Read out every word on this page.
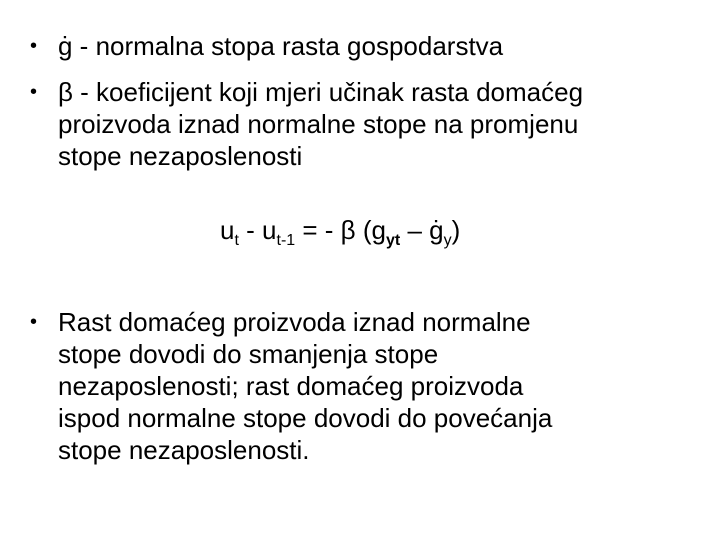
• ġ - normalna stopa rasta gospodarstva
• β - koeficijent koji mjeri učinak rasta domaćeg
proizvoda iznad normalne stope na promjenu
stope nezaposlenosti
$u_t - u_{t-1}$ = - β ($g_{yt}$ – $ġ_y$)
• Rast domaćeg proizvoda iznad normalne
stope dovodi do smanjenja stope
nezaposlenosti; rast domaćeg proizvoda
ispod normalne stope dovodi do povećanja
stope nezaposlenosti.
